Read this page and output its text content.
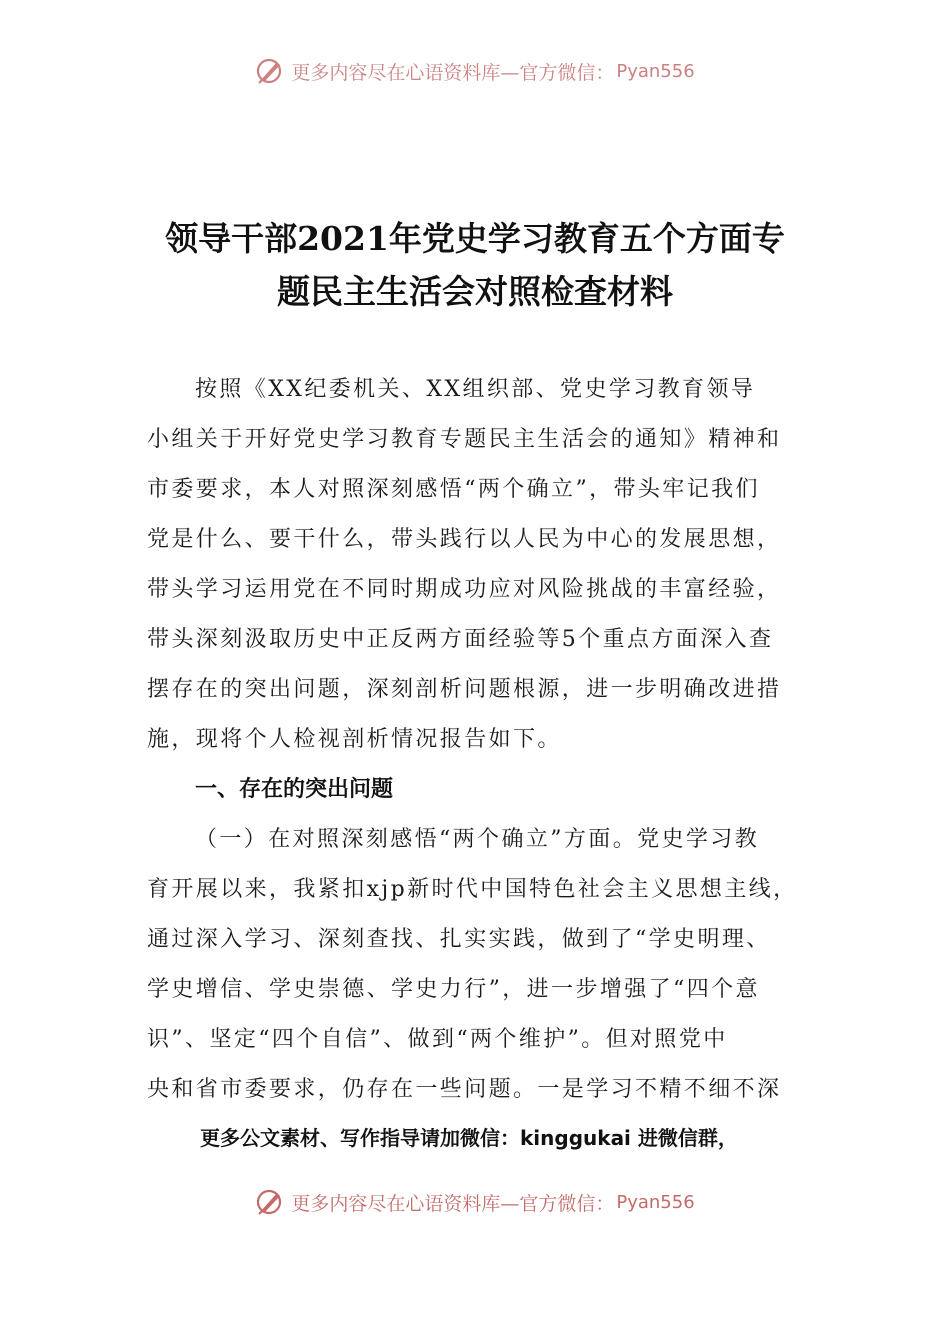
更多内容尽在心语资料库—官方微信： Pyan556
领导干部2021年党史学习教育五个方面专
题民主生活会对照检查材料
按照《XX纪委机关、XX组织部、党史学习教育领导
小组关于开好党史学习教育专题民主生活会的通知》精神和
市委要求，本人对照深刻感悟“两个确立”，带头牢记我们
党是什么、要干什么，带头践行以人民为中心的发展思想，
带头学习运用党在不同时期成功应对风险挑战的丰富经验，
带头深刻汲取历史中正反两方面经验等5个重点方面深入查
摆存在的突出问题，深刻剖析问题根源，进一步明确改进措
施，现将个人检视剖析情况报告如下。
一、存在的突出问题
（一）在对照深刻感悟“两个确立”方面。党史学习教
育开展以来，我紧扣xjp新时代中国特色社会主义思想主线，
通过深入学习、深刻查找、扎实实践，做到了“学史明理、
学史增信、学史崇德、学史力行”，进一步增强了“四个意
识”、坚定“四个自信”、做到“两个维护”。但对照党中
央和省市委要求，仍存在一些问题。一是学习不精不细不深
更多公文素材、写作指导请加微信：kinggukai 进微信群，
更多内容尽在心语资料库—官方微信： Pyan556
